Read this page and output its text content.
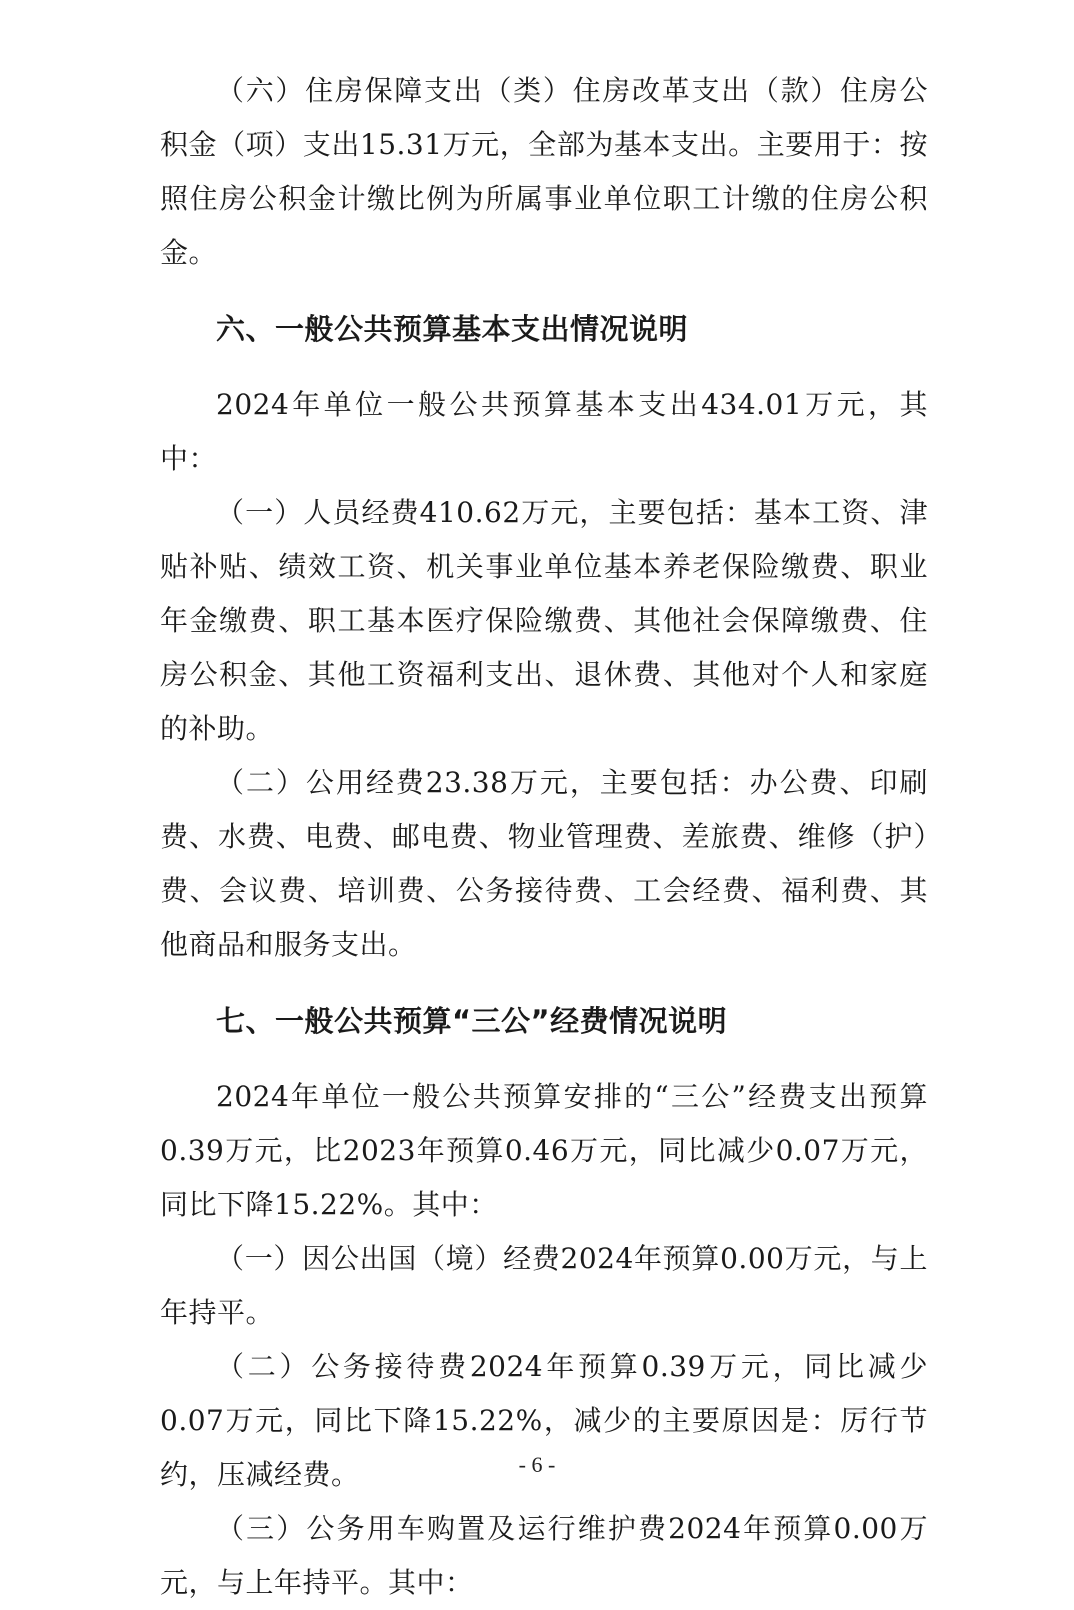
（六）住房保障支出（类）住房改革支出（款）住房公积金（项）支出15.31万元，全部为基本支出。主要用于：按照住房公积金计缴比例为所属事业单位职工计缴的住房公积金。

六、一般公共预算基本支出情况说明

2024年单位一般公共预算基本支出434.01万元，其中：

（一）人员经费410.62万元，主要包括：基本工资、津贴补贴、绩效工资、机关事业单位基本养老保险缴费、职业年金缴费、职工基本医疗保险缴费、其他社会保障缴费、住房公积金、其他工资福利支出、退休费、其他对个人和家庭的补助。

（二）公用经费23.38万元，主要包括：办公费、印刷费、水费、电费、邮电费、物业管理费、差旅费、维修（护）费、会议费、培训费、公务接待费、工会经费、福利费、其他商品和服务支出。

七、一般公共预算“三公”经费情况说明

2024年单位一般公共预算安排的“三公”经费支出预算0.39万元，比2023年预算0.46万元，同比减少0.07万元，同比下降15.22%。其中：

（一）因公出国（境）经费2024年预算0.00万元，与上年持平。

（二）公务接待费2024年预算0.39万元，同比减少0.07万元，同比下降15.22%，减少的主要原因是：厉行节约，压减经费。

（三）公务用车购置及运行维护费2024年预算0.00万元，与上年持平。其中：

- 6 -
